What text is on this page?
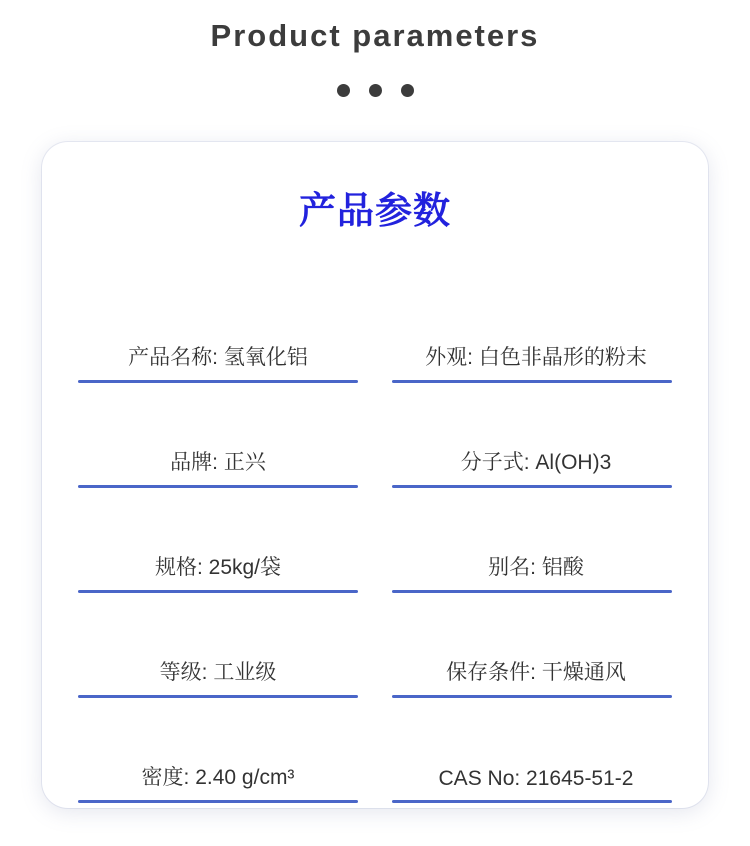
Product parameters
产品参数
产品名称: 氢氧化铝	外观: 白色非晶形的粉末
品牌: 正兴	分子式: Al(OH)3
规格: 25kg/袋	别名: 铝酸
等级: 工业级	保存条件: 干燥通风
密度: 2.40 g/cm³	CAS No: 21645-51-2
